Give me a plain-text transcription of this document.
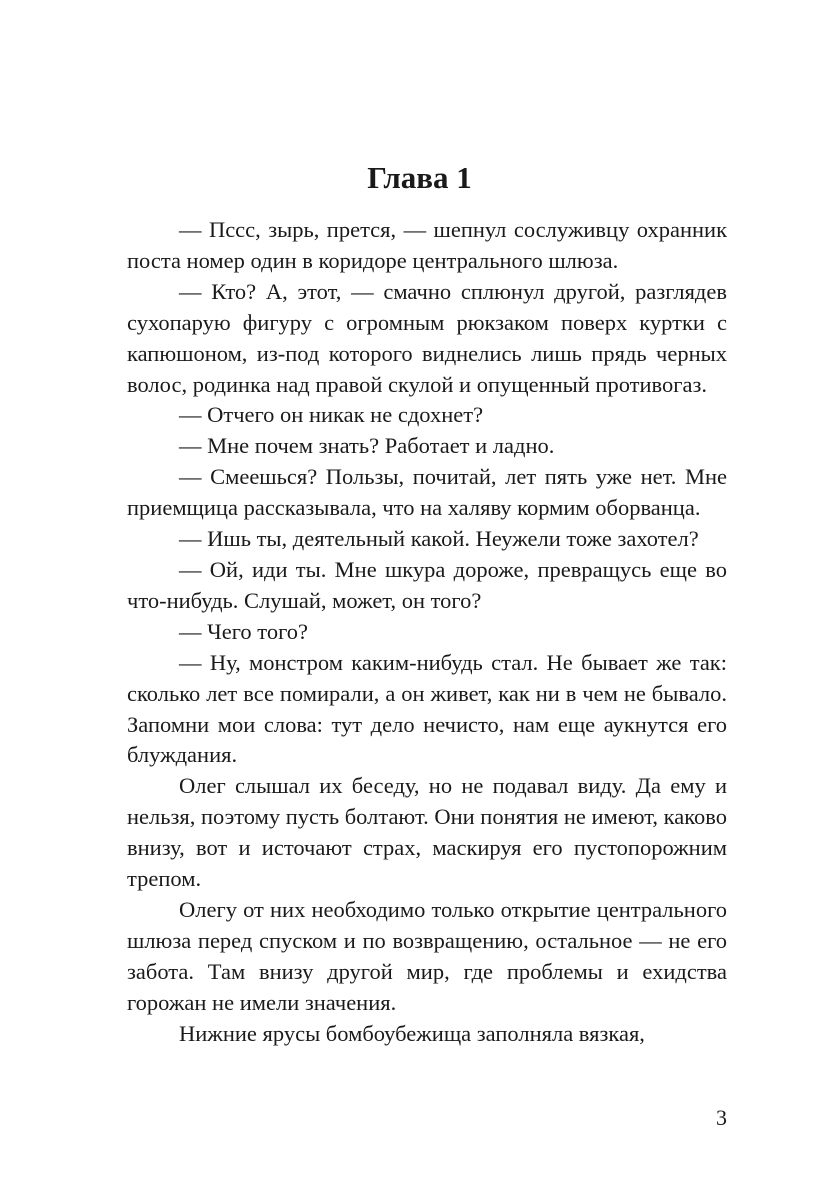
Глава 1

— Пссс, зырь, прется, — шепнул сослуживцу охранник поста номер один в коридоре центрального шлюза.

— Кто? А, этот, — смачно сплюнул другой, разглядев сухопарую фигуру с огромным рюкзаком поверх куртки с капюшоном, из-под которого виднелись лишь прядь черных волос, родинка над правой скулой и опущенный противогаз.

— Отчего он никак не сдохнет?

— Мне почем знать? Работает и ладно.

— Смеешься? Пользы, почитай, лет пять уже нет. Мне приемщица рассказывала, что на халяву кормим оборванца.

— Ишь ты, деятельный какой. Неужели тоже захотел?

— Ой, иди ты. Мне шкура дороже, превращусь еще во что-нибудь. Слушай, может, он того?

— Чего того?

— Ну, монстром каким-нибудь стал. Не бывает же так: сколько лет все помирали, а он живет, как ни в чем не бывало. Запомни мои слова: тут дело нечисто, нам еще аукнутся его блуждания.

Олег слышал их беседу, но не подавал виду. Да ему и нельзя, поэтому пусть болтают. Они понятия не имеют, каково внизу, вот и источают страх, маскируя его пустопорожним трепом.

Олегу от них необходимо только открытие центрального шлюза перед спуском и по возвращению, остальное — не его забота. Там внизу другой мир, где проблемы и ехидства горожан не имели значения.

Нижние ярусы бомбоубежища заполняла вязкая,

3
